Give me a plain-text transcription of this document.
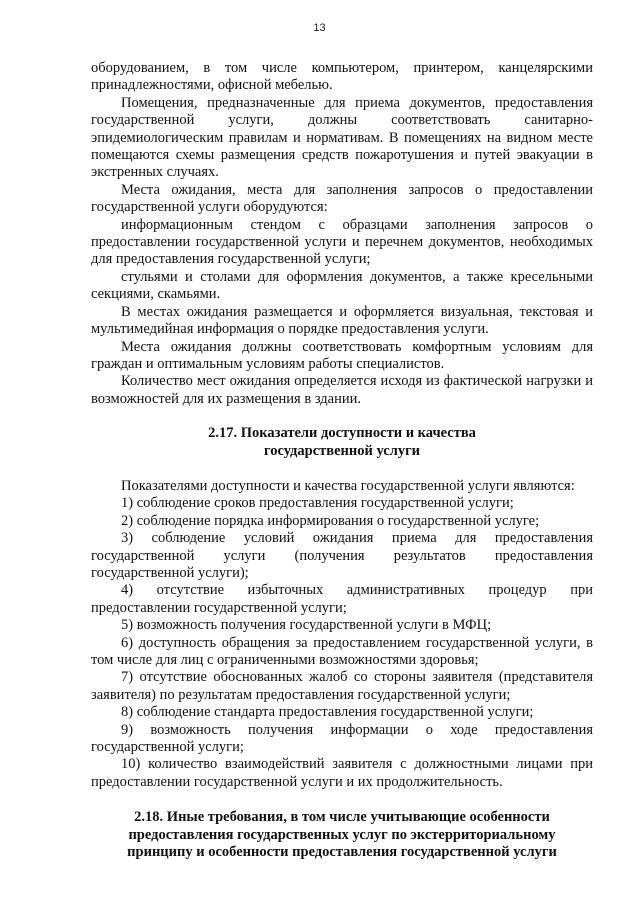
13

оборудованием, в том числе компьютером, принтером, канцелярскими принадлежностями, офисной мебелью.

Помещения, предназначенные для приема документов, предоставления государственной услуги, должны соответствовать санитарно-эпидемиологическим правилам и нормативам. В помещениях на видном месте помещаются схемы размещения средств пожаротушения и путей эвакуации в экстренных случаях.

Места ожидания, места для заполнения запросов о предоставлении государственной услуги оборудуются:

информационным стендом с образцами заполнения запросов о предоставлении государственной услуги и перечнем документов, необходимых для предоставления государственной услуги;

стульями и столами для оформления документов, а также кресельными секциями, скамьями.

В местах ожидания размещается и оформляется визуальная, текстовая и мультимедийная информация о порядке предоставления услуги.

Места ожидания должны соответствовать комфортным условиям для граждан и оптимальным условиям работы специалистов.

Количество мест ожидания определяется исходя из фактической нагрузки и возможностей для их размещения в здании.

2.17. Показатели доступности и качества
государственной услуги

Показателями доступности и качества государственной услуги являются:

1) соблюдение сроков предоставления государственной услуги;

2) соблюдение порядка информирования о государственной услуге;

3) соблюдение условий ожидания приема для предоставления государственной услуги (получения результатов предоставления государственной услуги);

4) отсутствие избыточных административных процедур при предоставлении государственной услуги;

5) возможность получения государственной услуги в МФЦ;

6) доступность обращения за предоставлением государственной услуги, в том числе для лиц с ограниченными возможностями здоровья;

7) отсутствие обоснованных жалоб со стороны заявителя (представителя заявителя) по результатам предоставления государственной услуги;

8) соблюдение стандарта предоставления государственной услуги;

9) возможность получения информации о ходе предоставления государственной услуги;

10) количество взаимодействий заявителя с должностными лицами при предоставлении государственной услуги и их продолжительность.

2.18. Иные требования, в том числе учитывающие особенности
предоставления государственных услуг по экстерриториальному
принципу и особенности предоставления государственной услуги
